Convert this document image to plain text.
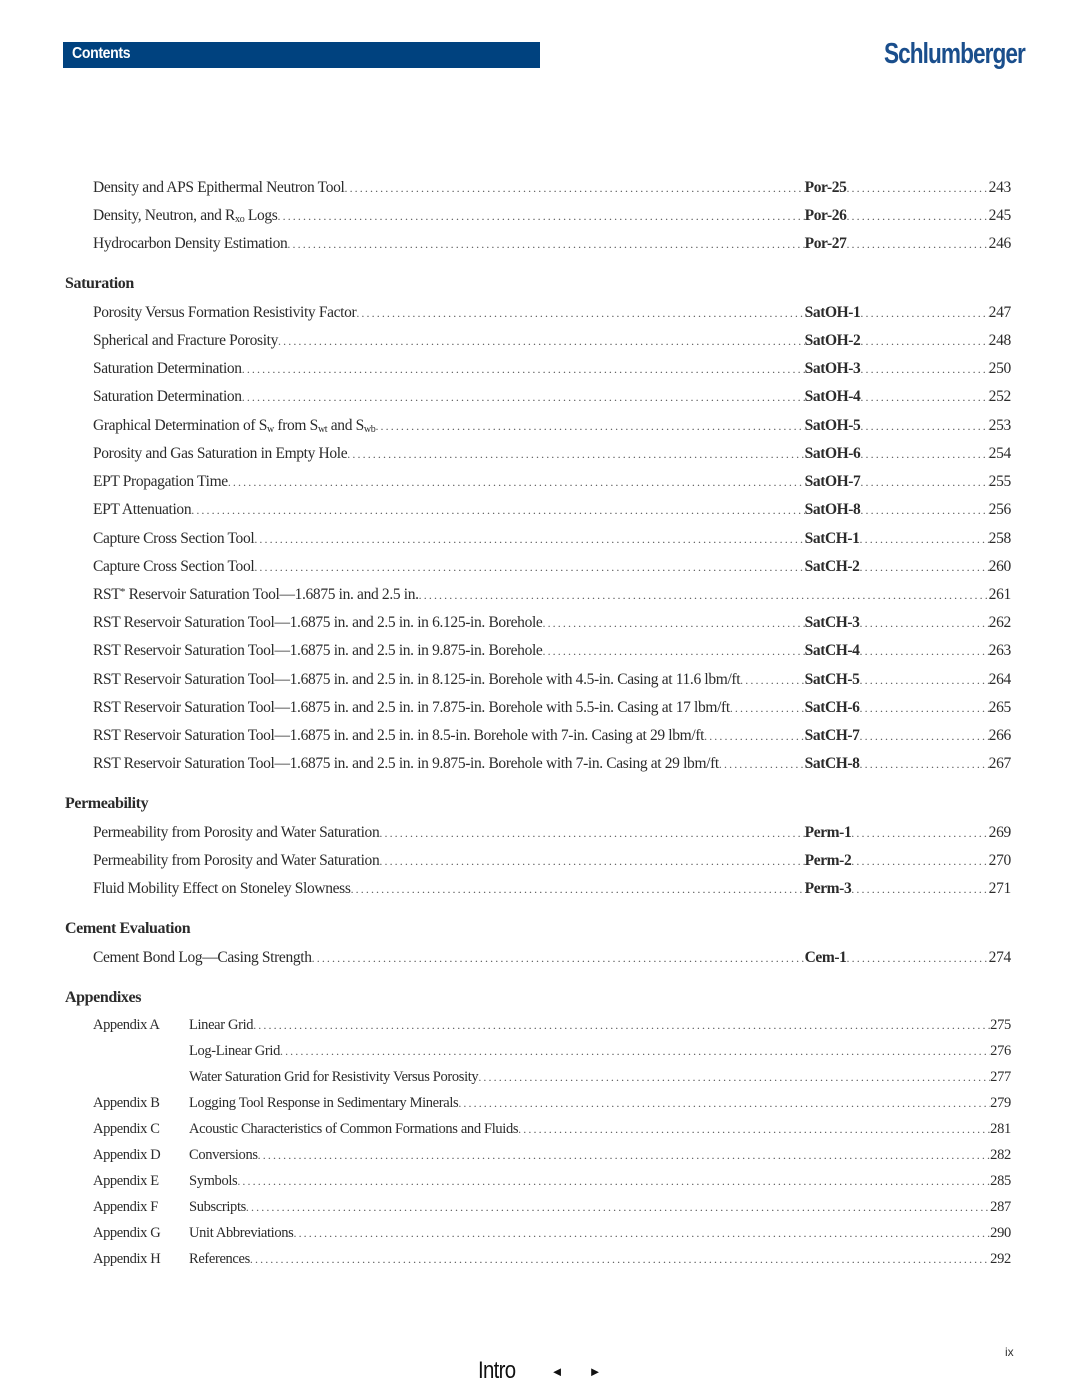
Contents	Schlumberger
Density and APS Epithermal Neutron Tool .....	Por-25 .....	243
Density, Neutron, and $R_{xo}$ Logs .....	Por-26 .....	245
Hydrocarbon Density Estimation .....	Por-27 .....	246
Saturation
Porosity Versus Formation Resistivity Factor .....	SatOH-1 .....	247
Spherical and Fracture Porosity .....	SatOH-2 .....	248
Saturation Determination .....	SatOH-3 .....	250
Saturation Determination .....	SatOH-4 .....	252
Graphical Determination of $S_w$ from $S_{wt}$ and $S_{wb}$ .....	SatOH-5 .....	253
Porosity and Gas Saturation in Empty Hole .....	SatOH-6 .....	254
EPT Propagation Time .....	SatOH-7 .....	255
EPT Attenuation .....	SatOH-8 .....	256
Capture Cross Section Tool .....	SatCH-1 .....	258
Capture Cross Section Tool .....	SatCH-2 .....	260
RST* Reservoir Saturation Tool—1.6875 in. and 2.5 in. .....	261
RST Reservoir Saturation Tool—1.6875 in. and 2.5 in. in 6.125-in. Borehole .....	SatCH-3 .....	262
RST Reservoir Saturation Tool—1.6875 in. and 2.5 in. in 9.875-in. Borehole .....	SatCH-4 .....	263
RST Reservoir Saturation Tool—1.6875 in. and 2.5 in. in 8.125-in. Borehole with 4.5-in. Casing at 11.6 lbm/ft .....	SatCH-5 .....	264
RST Reservoir Saturation Tool—1.6875 in. and 2.5 in. in 7.875-in. Borehole with 5.5-in. Casing at 17 lbm/ft .....	SatCH-6 .....	265
RST Reservoir Saturation Tool—1.6875 in. and 2.5 in. in 8.5-in. Borehole with 7-in. Casing at 29 lbm/ft .....	SatCH-7 .....	266
RST Reservoir Saturation Tool—1.6875 in. and 2.5 in. in 9.875-in. Borehole with 7-in. Casing at 29 lbm/ft .....	SatCH-8 .....	267
Permeability
Permeability from Porosity and Water Saturation .....	Perm-1 .....	269
Permeability from Porosity and Water Saturation .....	Perm-2 .....	270
Fluid Mobility Effect on Stoneley Slowness .....	Perm-3 .....	271
Cement Evaluation
Cement Bond Log—Casing Strength .....	Cem-1 .....	274
Appendixes
Appendix A	Linear Grid .....	275
Log-Linear Grid .....	276
Water Saturation Grid for Resistivity Versus Porosity .....	277
Appendix B	Logging Tool Response in Sedimentary Minerals .....	279
Appendix C	Acoustic Characteristics of Common Formations and Fluids .....	281
Appendix D	Conversions .....	282
Appendix E	Symbols .....	285
Appendix F	Subscripts .....	287
Appendix G	Unit Abbreviations .....	290
Appendix H	References .....	292
ix
Intro	◄	►
